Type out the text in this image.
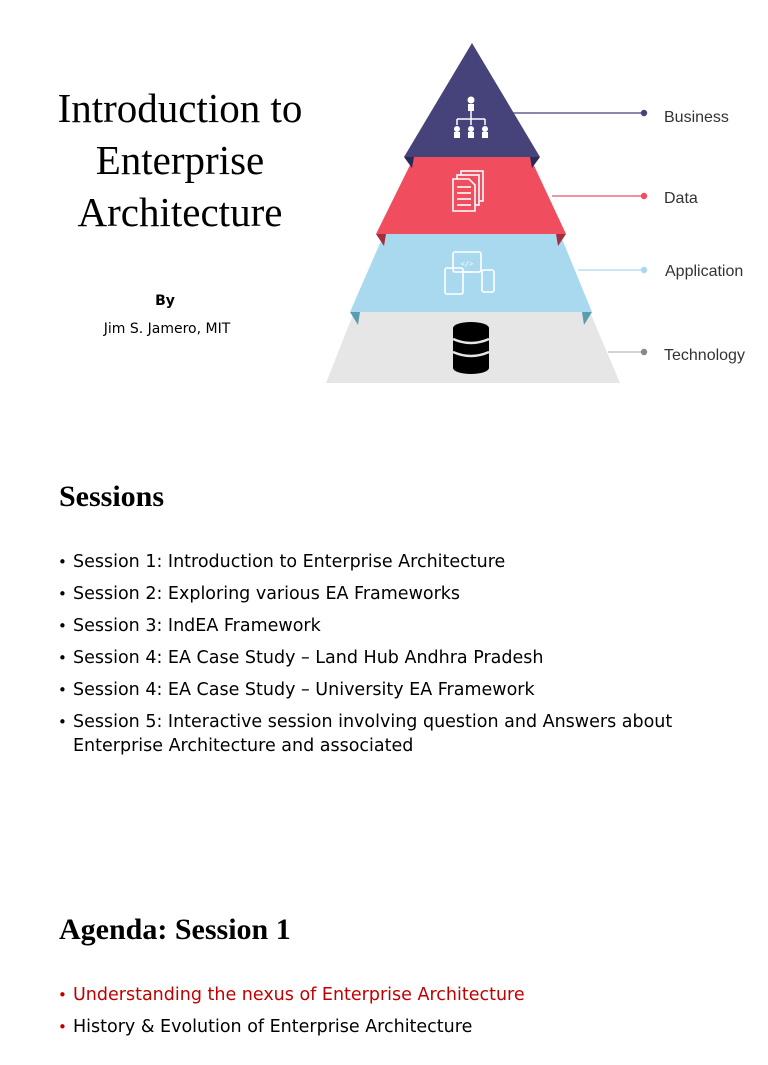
Introduction to
Enterprise
Architecture
By
Jim S. Jamero, MIT
Technology
</>	Application
Data
Business
Sessions
• Session 1: Introduction to Enterprise Architecture
• Session 2: Exploring various EA Frameworks
• Session 3: IndEA Framework
• Session 4: EA Case Study – Land Hub Andhra Pradesh
• Session 4: EA Case Study – University EA Framework
• Session 5: Interactive session involving question and Answers about Enterprise Architecture and associated
Agenda: Session 1
• Understanding the nexus of Enterprise Architecture
• History & Evolution of Enterprise Architecture
